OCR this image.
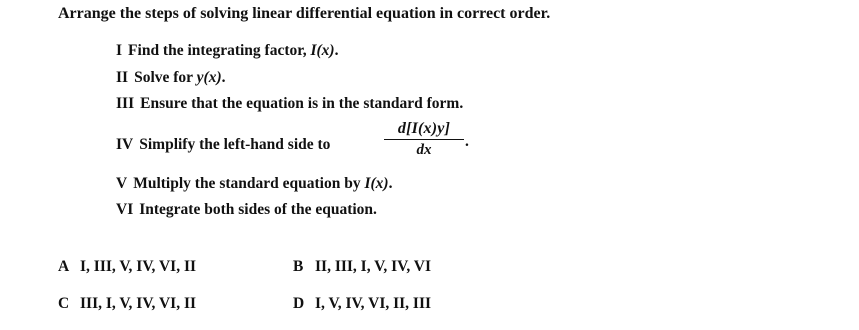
Arrange the steps of solving linear differential equation in correct order.
I Find the integrating factor, I(x).
II Solve for y(x).
III Ensure that the equation is in the standard form.
IV Simplify the left-hand side to
d[I(x)y]
dx
.
V Multiply the standard equation by I(x).
VI Integrate both sides of the equation.
A I, III, V, IV, VI, II	B II, III, I, V, IV, VI
C III, I, V, IV, VI, II	D I, V, IV, VI, II, III
